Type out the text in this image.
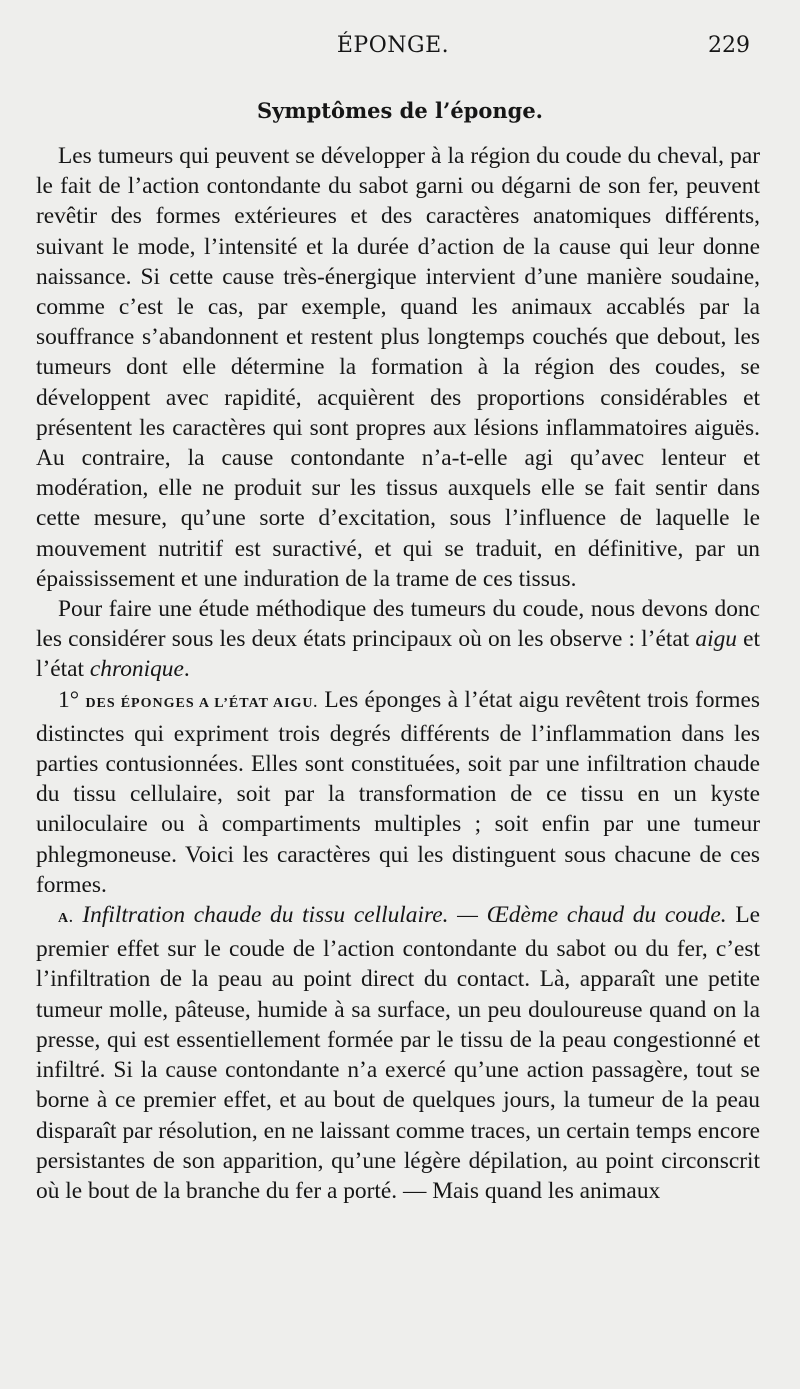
ÉPONGE.	229
Symptômes de l’éponge.

Les tumeurs qui peuvent se développer à la région du coude du cheval, par le fait de l’action contondante du sabot garni ou dégarni de son fer, peuvent revêtir des formes extérieures et des caractères anatomiques différents, suivant le mode, l’intensité et la durée d’action de la cause qui leur donne naissance. Si cette cause très-énergique intervient d’une manière soudaine, comme c’est le cas, par exemple, quand les animaux accablés par la souffrance s’abandonnent et restent plus longtemps couchés que debout, les tumeurs dont elle détermine la formation à la région des coudes, se développent avec rapidité, acquièrent des proportions considérables et présentent les caractères qui sont propres aux lésions inflammatoires aiguës. Au contraire, la cause contondante n’a-t-elle agi qu’avec lenteur et modération, elle ne produit sur les tissus auxquels elle se fait sentir dans cette mesure, qu’une sorte d’excitation, sous l’influence de laquelle le mouvement nutritif est suractivé, et qui se traduit, en définitive, par un épaississement et une induration de la trame de ces tissus.

Pour faire une étude méthodique des tumeurs du coude, nous devons donc les considérer sous les deux états principaux où on les observe : l’état aigu et l’état chronique.

1° DES ÉPONGES A L’ÉTAT AIGU. Les éponges à l’état aigu revêtent trois formes distinctes qui expriment trois degrés différents de l’inflammation dans les parties contusionnées. Elles sont constituées, soit par une infiltration chaude du tissu cellulaire, soit par la transformation de ce tissu en un kyste uniloculaire ou à compartiments multiples ; soit enfin par une tumeur phlegmoneuse. Voici les caractères qui les distinguent sous chacune de ces formes.

A. Infiltration chaude du tissu cellulaire. — Œdème chaud du coude. Le premier effet sur le coude de l’action contondante du sabot ou du fer, c’est l’infiltration de la peau au point direct du contact. Là, apparaît une petite tumeur molle, pâteuse, humide à sa surface, un peu douloureuse quand on la presse, qui est essentiellement formée par le tissu de la peau congestionné et infiltré. Si la cause contondante n’a exercé qu’une action passagère, tout se borne à ce premier effet, et au bout de quelques jours, la tumeur de la peau disparaît par résolution, en ne laissant comme traces, un certain temps encore persistantes de son apparition, qu’une légère dépilation, au point circonscrit où le bout de la branche du fer a porté. — Mais quand les animaux
